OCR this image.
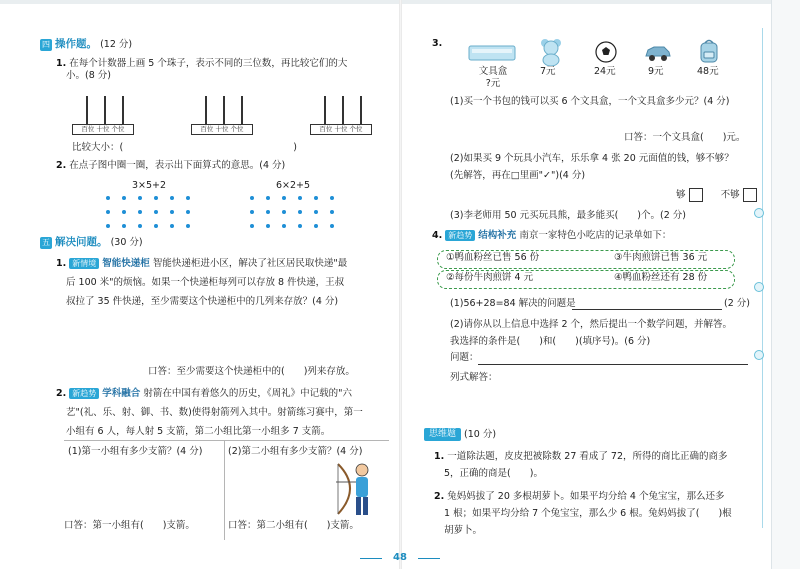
四 操作题。 (12 分)
1. 在每个计数器上画 5 个珠子，表示不同的三位数，再比较它们的大
小。(8 分)
百位 十位 个位	百位 十位 个位	百位 十位 个位
比较大小：(	)
2. 在点子图中圈一圈，表示出下面算式的意思。(4 分)
3×5+2	6×2+5
五 解决问题。 (30 分)
1. 新情境 智能快递柜 智能快递柜进小区，解决了社区居民取快递"最
后 100 米"的烦恼。如果一个快递柜每列可以存放 8 件快递，王叔
叔拉了 35 件快递，至少需要这个快递柜中的几列来存放？(4 分)
口答：至少需要这个快递柜中的(　　)列来存放。
2. 新趋势 学科融合 射箭在中国有着悠久的历史，《周礼》中记载的"六
艺"(礼、乐、射、御、书、数)使得射箭列入其中。射箭练习赛中，第一
小组有 6 人，每人射 5 支箭，第二小组比第一小组多 7 支箭。
(1)第一小组有多少支箭？(4 分)	(2)第二小组有多少支箭？(4 分)
口答：第一小组有(　　)支箭。	口答：第二小组有(　　)支箭。
3.
文具盒
?元
7元	24元	9元	48元
(1)买一个书包的钱可以买 6 个文具盒，一个文具盒多少元？(4 分)
口答：一个文具盒(　　)元。
(2)如果买 9 个玩具小汽车，乐乐拿 4 张 20 元面值的钱，够不够？
(先解答，再在□里画"✓")(4 分)
够	不够
(3)李老师用 50 元买玩具熊，最多能买(　　)个。(2 分)
4. 新趋势 结构补充 南京一家特色小吃店的记录单如下：
①鸭血粉丝已售 56 份	③牛肉煎饼已售 36 元
②每份牛肉煎饼 4 元	④鸭血粉丝还有 28 份
(1)56+28=84 解决的问题是	(2 分)
(2)请你从以上信息中选择 2 个，然后提出一个数学问题，并解答。
我选择的条件是(　　)和(　　)(填序号)。(6 分)
问题：
列式解答：
思维题 (10 分)
1. 一道除法题，皮皮把被除数 27 看成了 72，所得的商比正确的商多
5，正确的商是(　　)。
2. 兔妈妈拔了 20 多根胡萝卜。如果平均分给 4 个兔宝宝，那么还多
1 根；如果平均分给 7 个兔宝宝，那么少 6 根。兔妈妈拔了(　　)根
胡萝卜。
48
